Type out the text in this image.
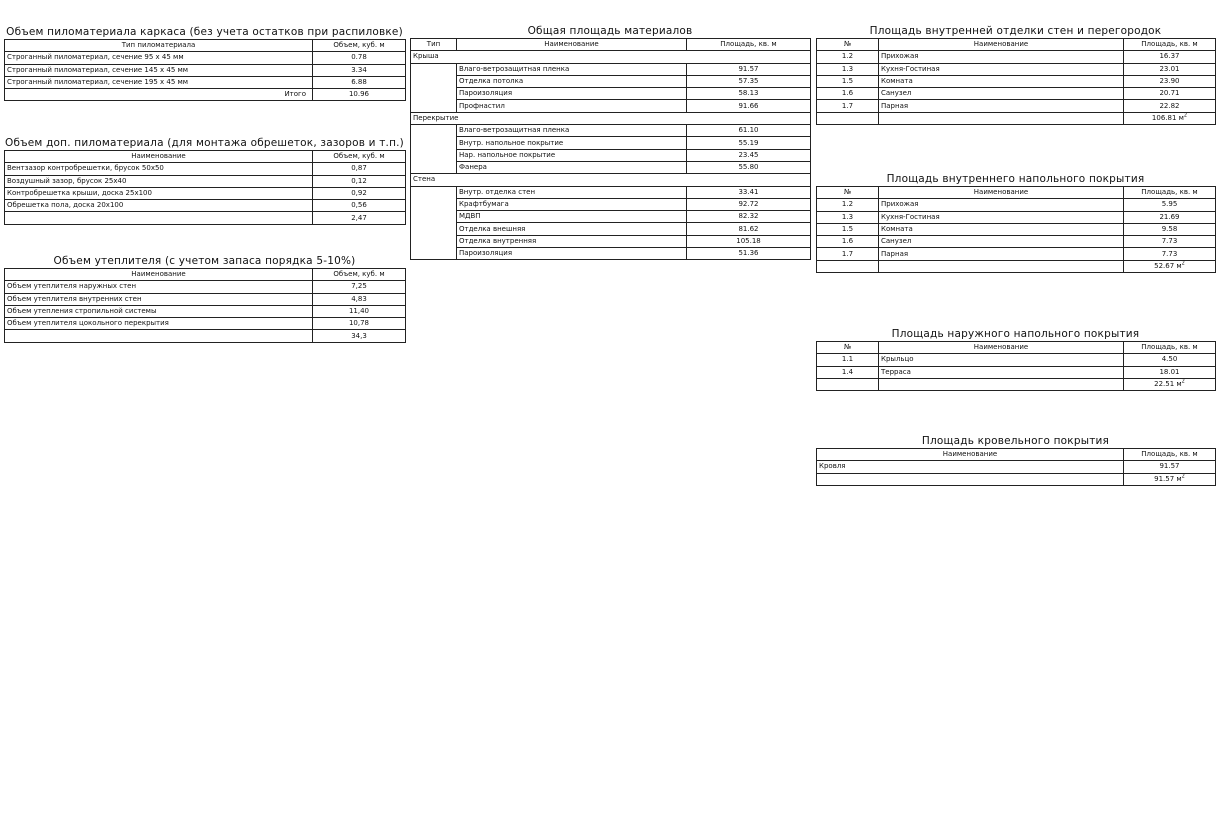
Объем пиломатериала каркаса (без учета остатков при распиловке)
Тип пиломатериала	Объем, куб. м
Строганный пиломатериал, сечение 95 х 45 мм	0.78
Строганный пиломатериал, сечение 145 х 45 мм	3.34
Строганный пиломатериал, сечение 195 х 45 мм	6.88
Итого	10.96
Объем доп. пиломатериала (для монтажа обрешеток, зазоров и т.п.)
Наименование	Объем, куб. м
Вентзазор контробрешетки, брусок 50х50	0,87
Воздушный зазор, брусок 25х40	0,12
Контробрешетка крыши, доска 25х100	0,92
Обрешетка пола, доска 20х100	0,56
	2,47
Объем утеплителя (с учетом запаса порядка 5-10%)
Наименование	Объем, куб. м
Объем утеплителя наружных стен	7,25
Объем утеплителя внутренних стен	4,83
Объем утепления стропильной системы	11,40
Объем утеплителя цокольного перекрытия	10,78
	34,3
Общая площадь материалов
Тип	Наименование	Площадь, кв. м
Крыша		
	Влаго-ветрозащитная пленка	91.57
	Отделка потолка	57.35
	Пароизоляция	58.13
	Профнастил	91.66
Перекрытие		
	Влаго-ветрозащитная пленка	61.10
	Внутр. напольное покрытие	55.19
	Нар. напольное покрытие	23.45
	Фанера	55.80
Стена		
	Внутр. отделка стен	33.41
	Крафтбумага	92.72
	МДВП	82.32
	Отделка внешняя	81.62
	Отделка внутренняя	105.18
	Пароизоляция	51.36
Площадь внутренней отделки стен и перегородок
№	Наименование	Площадь, кв. м
1.2	Прихожая	16.37
1.3	Кухня-Гостиная	23.01
1.5	Комната	23.90
1.6	Санузел	20.71
1.7	Парная	22.82
		106.81 $м^2$
Площадь внутреннего напольного покрытия
№	Наименование	Площадь, кв. м
1.2	Прихожая	5.95
1.3	Кухня-Гостиная	21.69
1.5	Комната	9.58
1.6	Санузел	7.73
1.7	Парная	7.73
		52.67 $м^2$
Площадь наружного напольного покрытия
№	Наименование	Площадь, кв. м
1.1	Крыльцо	4.50
1.4	Терраса	18.01
		22.51 $м^2$
Площадь кровельного покрытия
Наименование	Площадь, кв. м
Кровля	91.57
	91.57 $м^2$
